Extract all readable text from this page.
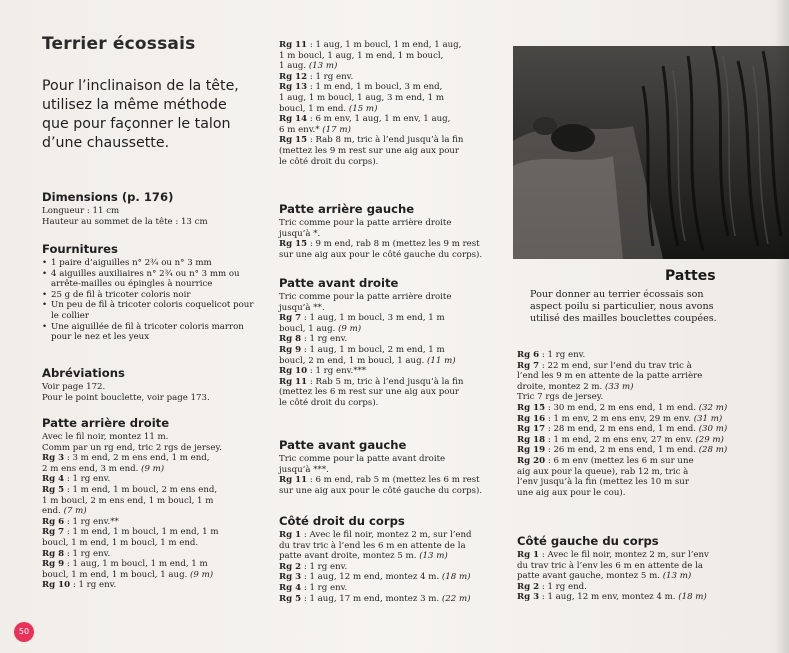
Terrier écossais
Pour l’inclinaison de la tête, utilisez la même méthode que pour façonner le talon d’une chaussette.
Dimensions (p. 176)
Longueur : 11 cm
Hauteur au sommet de la tête : 13 cm
Fournitures
• 1 paire d’aiguilles n° 2¾ ou n° 3 mm
• 4 aiguilles auxiliaires n° 2¾ ou n° 3 mm ou arrête-mailles ou épingles à nourrice
• 25 g de fil à tricoter coloris noir
• Un peu de fil à tricoter coloris coquelicot pour le collier
• Une aiguillée de fil à tricoter coloris marron pour le nez et les yeux
Abréviations
Voir page 172.
Pour le point bouclette, voir page 173.
Patte arrière droite
Avec le fil noir, montez 11 m.
Comm par un rg end, tric 2 rgs de jersey.
Rg 3 : 3 m end, 2 m ens end, 1 m end,
2 m ens end, 3 m end. (9 m)
Rg 4 : 1 rg env.
Rg 5 : 1 m end, 1 m boucl, 2 m ens end,
1 m boucl, 2 m ens end, 1 m boucl, 1 m
end. (7 m)
Rg 6 : 1 rg env.**
Rg 7 : 1 m end, 1 m boucl, 1 m end, 1 m
boucl, 1 m end, 1 m boucl, 1 m end.
Rg 8 : 1 rg env.
Rg 9 : 1 aug, 1 m boucl, 1 m end, 1 m
boucl, 1 m end, 1 m boucl, 1 aug. (9 m)
Rg 10 : 1 rg env.
Rg 11 : 1 aug, 1 m boucl, 1 m end, 1 aug,
1 m boucl, 1 aug, 1 m end, 1 m boucl,
1 aug. (13 m)
Rg 12 : 1 rg env.
Rg 13 : 1 m end, 1 m boucl, 3 m end,
1 aug, 1 m boucl, 1 aug, 3 m end, 1 m
boucl, 1 m end. (15 m)
Rg 14 : 6 m env, 1 aug, 1 m env, 1 aug,
6 m env.* (17 m)
Rg 15 : Rab 8 m, tric à l’end jusqu’à la fin
(mettez les 9 m rest sur une aig aux pour
le côté droit du corps).
Patte arrière gauche
Tric comme pour la patte arrière droite
jusqu’à *.
Rg 15 : 9 m end, rab 8 m (mettez les 9 m rest
sur une aig aux pour le côté gauche du corps).
Patte avant droite
Tric comme pour la patte arrière droite
jusqu’à **.
Rg 7 : 1 aug, 1 m boucl, 3 m end, 1 m
boucl, 1 aug. (9 m)
Rg 8 : 1 rg env.
Rg 9 : 1 aug, 1 m boucl, 2 m end, 1 m
boucl, 2 m end, 1 m boucl, 1 aug. (11 m)
Rg 10 : 1 rg env.***
Rg 11 : Rab 5 m, tric à l’end jusqu’à la fin
(mettez les 6 m rest sur une aig aux pour
le côté droit du corps).
Patte avant gauche
Tric comme pour la patte avant droite
jusqu’à ***.
Rg 11 : 6 m end, rab 5 m (mettez les 6 m rest
sur une aig aux pour le côté gauche du corps).
Côté droit du corps
Rg 1 : Avec le fil noir, montez 2 m, sur l’end
du trav tric à l’end les 6 m en attente de la
patte avant droite, montez 5 m. (13 m)
Rg 2 : 1 rg env.
Rg 3 : 1 aug, 12 m end, montez 4 m. (18 m)
Rg 4 : 1 rg env.
Rg 5 : 1 aug, 17 m end, montez 3 m. (22 m)
Pattes
Pour donner au terrier écossais son
aspect poilu si particulier, nous avons
utilisé des mailles bouclettes coupées.
Rg 6 : 1 rg env.
Rg 7 : 22 m end, sur l’end du trav tric à
l’end les 9 m en attente de la patte arrière
droite, montez 2 m. (33 m)
Tric 7 rgs de jersey.
Rg 15 : 30 m end, 2 m ens end, 1 m end. (32 m)
Rg 16 : 1 m env, 2 m ens env, 29 m env. (31 m)
Rg 17 : 28 m end, 2 m ens end, 1 m end. (30 m)
Rg 18 : 1 m end, 2 m ens env, 27 m env. (29 m)
Rg 19 : 26 m end, 2 m ens end, 1 m end. (28 m)
Rg 20 : 6 m env (mettez les 6 m sur une
aig aux pour la queue), rab 12 m, tric à
l’env jusqu’à la fin (mettez les 10 m sur
une aig aux pour le cou).
Côté gauche du corps
Rg 1 : Avec le fil noir, montez 2 m, sur l’env
du trav tric à l’env les 6 m en attente de la
patte avant gauche, montez 5 m. (13 m)
Rg 2 : 1 rg end.
Rg 3 : 1 aug, 12 m env, montez 4 m. (18 m)
50
